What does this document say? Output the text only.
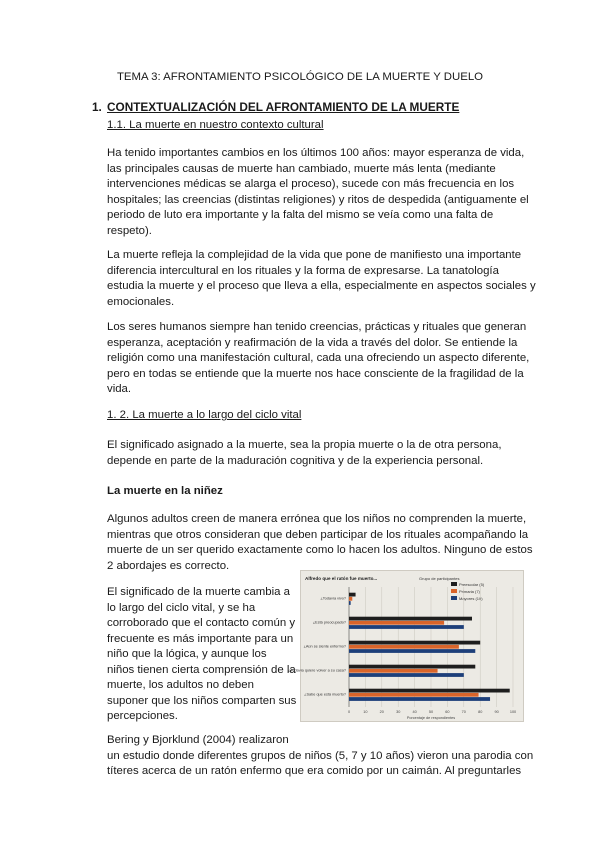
TEMA 3: AFRONTAMIENTO PSICOLÓGICO DE LA MUERTE Y DUELO
1. CONTEXTUALIZACIÓN DEL AFRONTAMIENTO DE LA MUERTE
1.1. La muerte en nuestro contexto cultural
Ha tenido importantes cambios en los últimos 100 años: mayor esperanza de vida,
las principales causas de muerte han cambiado, muerte más lenta (mediante
intervenciones médicas se alarga el proceso), sucede con más frecuencia en los
hospitales; las creencias (distintas religiones) y ritos de despedida (antiguamente el
periodo de luto era importante y la falta del mismo se veía como una falta de
respeto).
La muerte refleja la complejidad de la vida que pone de manifiesto una importante
diferencia intercultural en los rituales y la forma de expresarse. La tanatología
estudia la muerte y el proceso que lleva a ella, especialmente en aspectos sociales y
emocionales.
Los seres humanos siempre han tenido creencias, prácticas y rituales que generan
esperanza, aceptación y reafirmación de la vida a través del dolor. Se entiende la
religión como una manifestación cultural, cada una ofreciendo un aspecto diferente,
pero en todas se entiende que la muerte nos hace consciente de la fragilidad de la
vida.
1. 2. La muerte a lo largo del ciclo vital
El significado asignado a la muerte, sea la propia muerte o la de otra persona,
depende en parte de la maduración cognitiva y de la experiencia personal.
La muerte en la niñez
Algunos adultos creen de manera errónea que los niños no comprenden la muerte,
mientras que otros consideran que deben participar de los rituales acompañando la
muerte de un ser querido exactamente como lo hacen los adultos. Ninguno de estos
2 abordajes es correcto.
El significado de la muerte cambia a
lo largo del ciclo vital, y se ha
corroborado que el contacto común y
frecuente es más importante para un
niño que la lógica, y aunque los
niños tienen cierta comprensión de la
muerte, los adultos no deben
suponer que los niños comparten sus
percepciones.
Bering y Bjorklund (2004) realizaron
un estudio donde diferentes grupos de niños (5, 7 y 10 años) vieron una parodia con
títeres acerca de un ratón enfermo que era comido por un caimán. Al preguntarles
Alfredo que el ratón fue muerto...	Grupo de participantes
Preescolar (5)
Primaria (7)
Mayores (10)
0	10	20	30	40	50	60	70	80	90	100
Porcentaje de respondientes
¿Todavía vivo?
¿Está preocupado?
¿Aún se siente enfermo?
¿Todavía quiere volver a su casa?
¿Sabe que está muerto?
